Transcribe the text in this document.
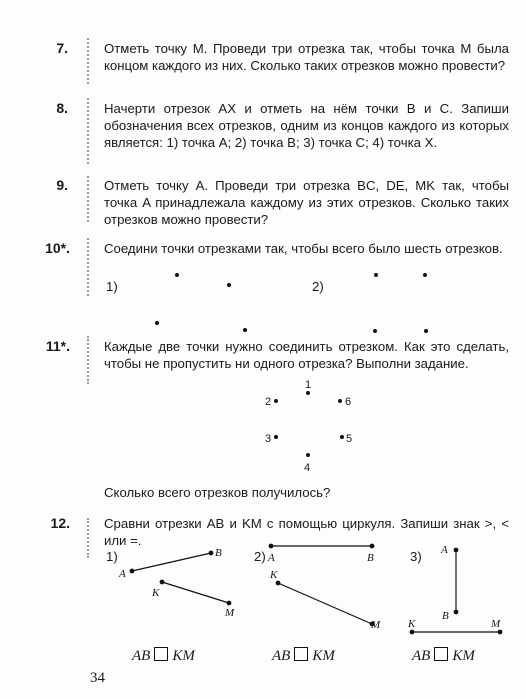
7.	Отметь точку M. Проведи три отрезка так, чтобы точка M была концом каждого из них. Сколько таких отрезков можно провести?
8.	Начерти отрезок AX и отметь на нём точки B и C. Запиши обозначения всех отрезков, одним из концов каждого из которых является: 1) точка A; 2) точка B; 3) точка C; 4) точка X.
9.	Отметь точку A. Проведи три отрезка BC, DE, MK так, чтобы точка A принадлежала каждому из этих отрезков. Сколько таких отрезков можно провести?
10*.	Соедини точки отрезками так, чтобы всего было шесть отрезков.
1)	2)
11*.	Каждые две точки нужно соединить отрезком. Как это сделать, чтобы не пропустить ни одного отрезка? Выполни задание.
1
2	6
3	5
4
Сколько всего отрезков получилось?
12.	Сравни отрезки AB и KM с помощью циркуля. Запиши знак >, < или =.
1)	2)	3)
A
B
K
M
A	B
K
M
A
B
K	M
AB KM	AB KM	AB KM
34
